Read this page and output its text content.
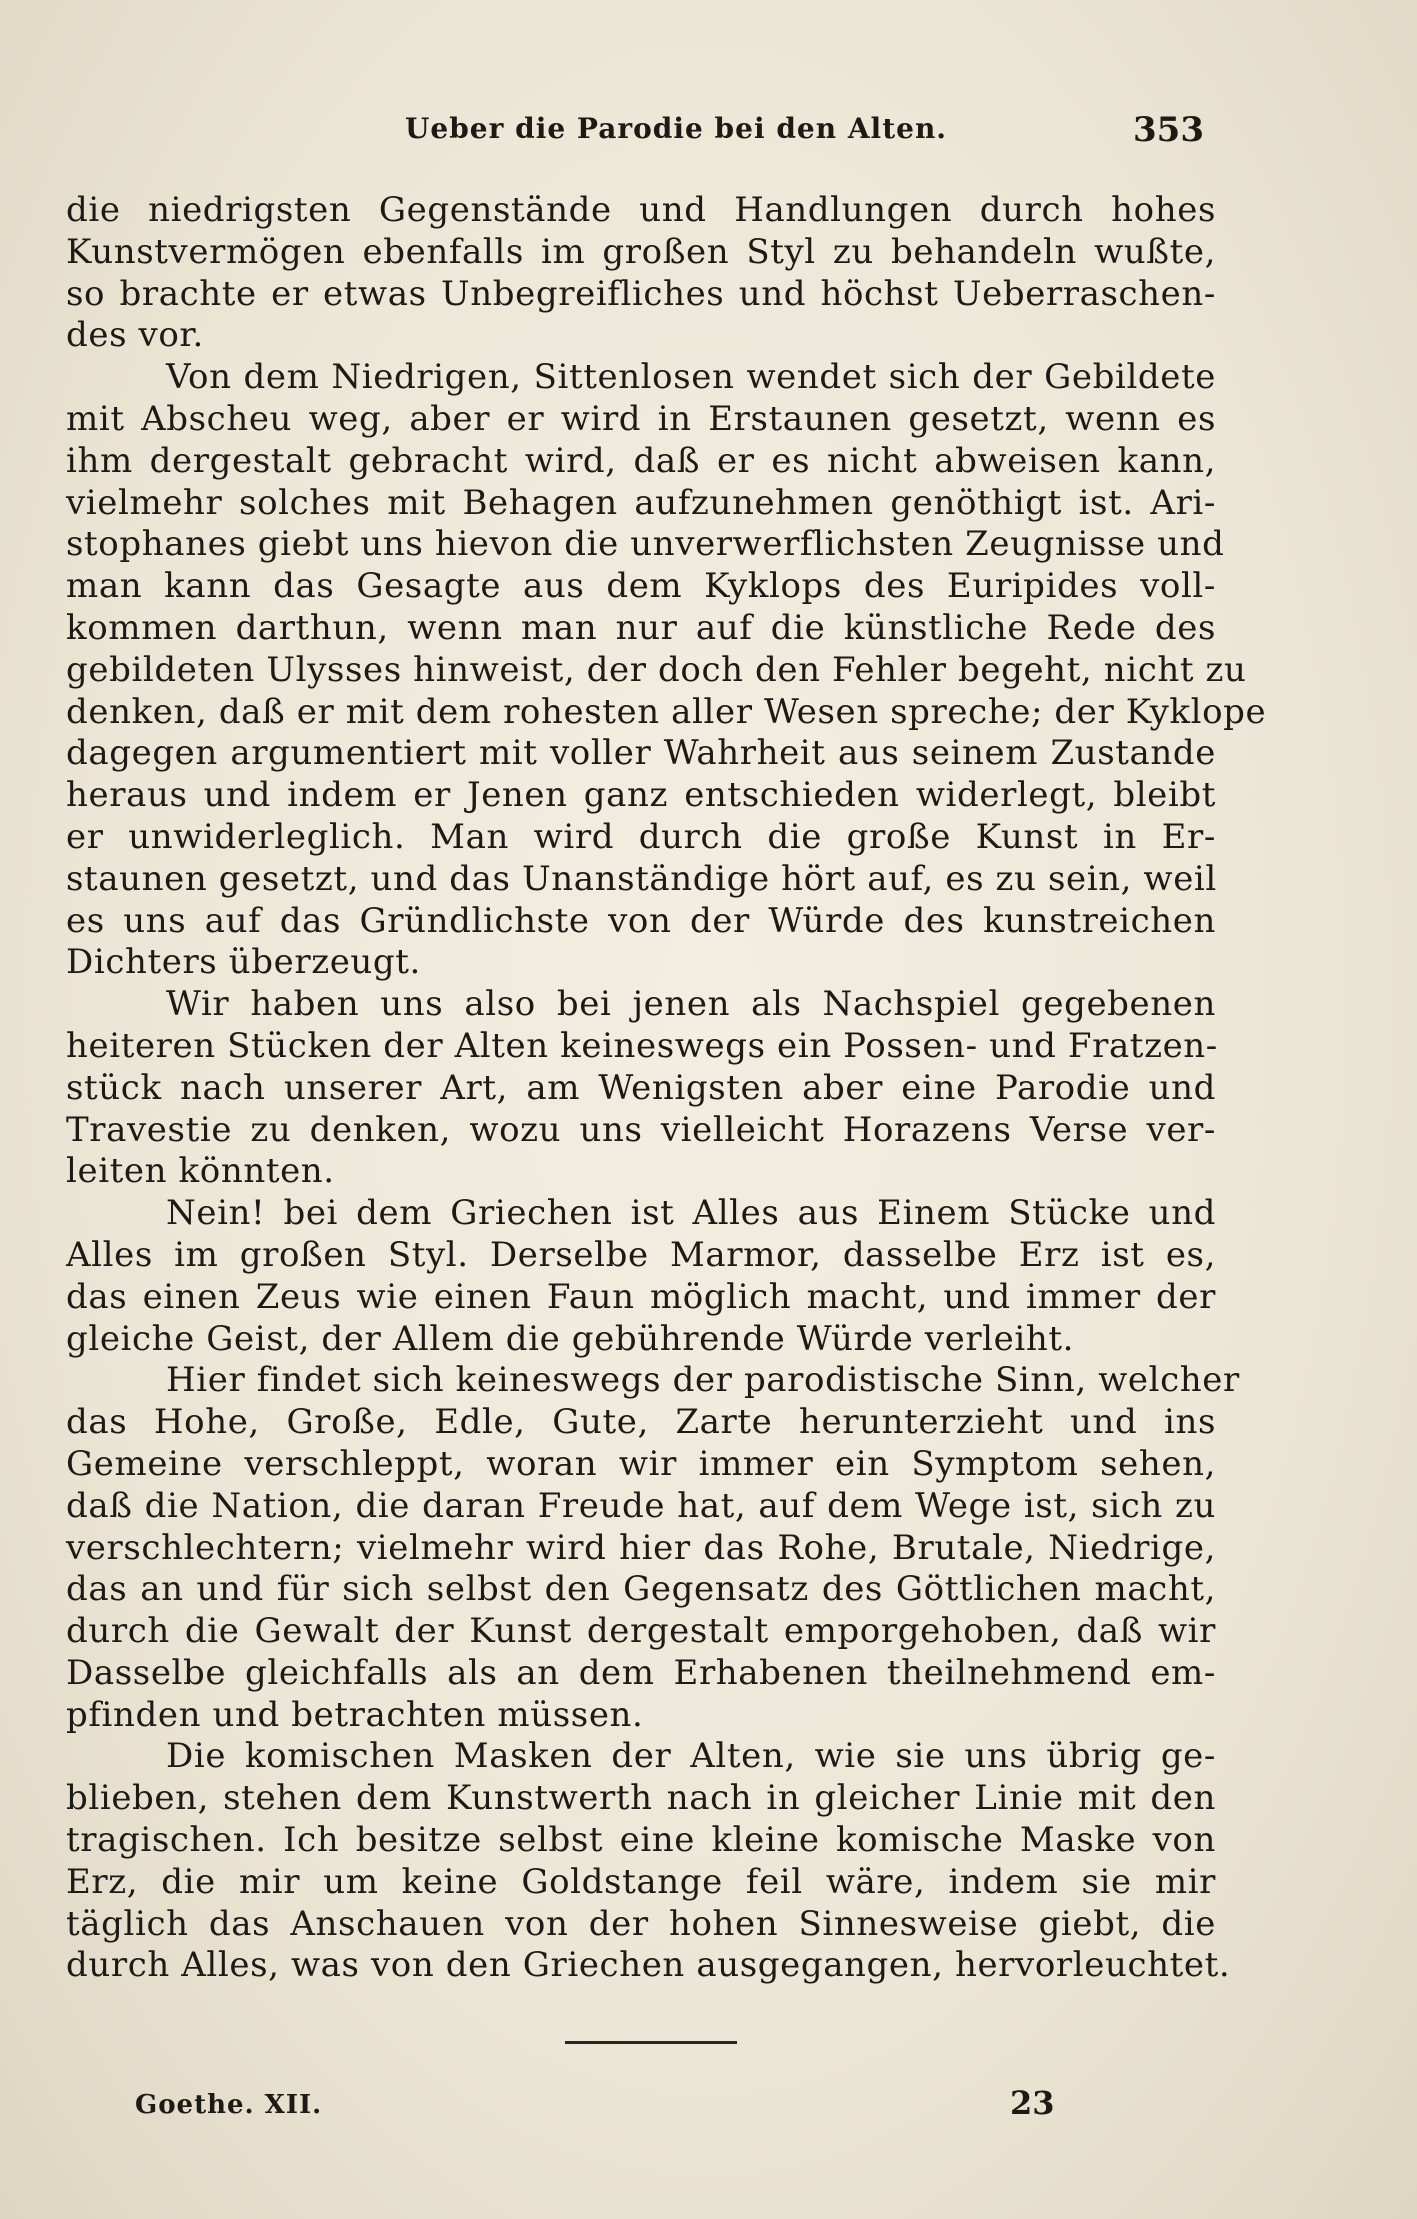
Ueber die Parodie bei den Alten.	353
die niedrigsten Gegenstände und Handlungen durch hohes
Kunstvermögen ebenfalls im großen Styl zu behandeln wußte,
so brachte er etwas Unbegreifliches und höchst Ueberraschen-
des vor.
Von dem Niedrigen, Sittenlosen wendet sich der Gebildete
mit Abscheu weg, aber er wird in Erstaunen gesetzt, wenn es
ihm dergestalt gebracht wird, daß er es nicht abweisen kann,
vielmehr solches mit Behagen aufzunehmen genöthigt ist. Ari-
stophanes giebt uns hievon die unverwerflichsten Zeugnisse und
man kann das Gesagte aus dem Kyklops des Euripides voll-
kommen darthun, wenn man nur auf die künstliche Rede des
gebildeten Ulysses hinweist, der doch den Fehler begeht, nicht zu
denken, daß er mit dem rohesten aller Wesen spreche; der Kyklope
dagegen argumentiert mit voller Wahrheit aus seinem Zustande
heraus und indem er Jenen ganz entschieden widerlegt, bleibt
er unwiderleglich. Man wird durch die große Kunst in Er-
staunen gesetzt, und das Unanständige hört auf, es zu sein, weil
es uns auf das Gründlichste von der Würde des kunstreichen
Dichters überzeugt.
Wir haben uns also bei jenen als Nachspiel gegebenen
heiteren Stücken der Alten keineswegs ein Possen- und Fratzen-
stück nach unserer Art, am Wenigsten aber eine Parodie und
Travestie zu denken, wozu uns vielleicht Horazens Verse ver-
leiten könnten.
Nein! bei dem Griechen ist Alles aus Einem Stücke und
Alles im großen Styl. Derselbe Marmor, dasselbe Erz ist es,
das einen Zeus wie einen Faun möglich macht, und immer der
gleiche Geist, der Allem die gebührende Würde verleiht.
Hier findet sich keineswegs der parodistische Sinn, welcher
das Hohe, Große, Edle, Gute, Zarte herunterzieht und ins
Gemeine verschleppt, woran wir immer ein Symptom sehen,
daß die Nation, die daran Freude hat, auf dem Wege ist, sich zu
verschlechtern; vielmehr wird hier das Rohe, Brutale, Niedrige,
das an und für sich selbst den Gegensatz des Göttlichen macht,
durch die Gewalt der Kunst dergestalt emporgehoben, daß wir
Dasselbe gleichfalls als an dem Erhabenen theilnehmend em-
pfinden und betrachten müssen.
Die komischen Masken der Alten, wie sie uns übrig ge-
blieben, stehen dem Kunstwerth nach in gleicher Linie mit den
tragischen. Ich besitze selbst eine kleine komische Maske von
Erz, die mir um keine Goldstange feil wäre, indem sie mir
täglich das Anschauen von der hohen Sinnesweise giebt, die
durch Alles, was von den Griechen ausgegangen, hervorleuchtet.
Goethe. XII.	23
